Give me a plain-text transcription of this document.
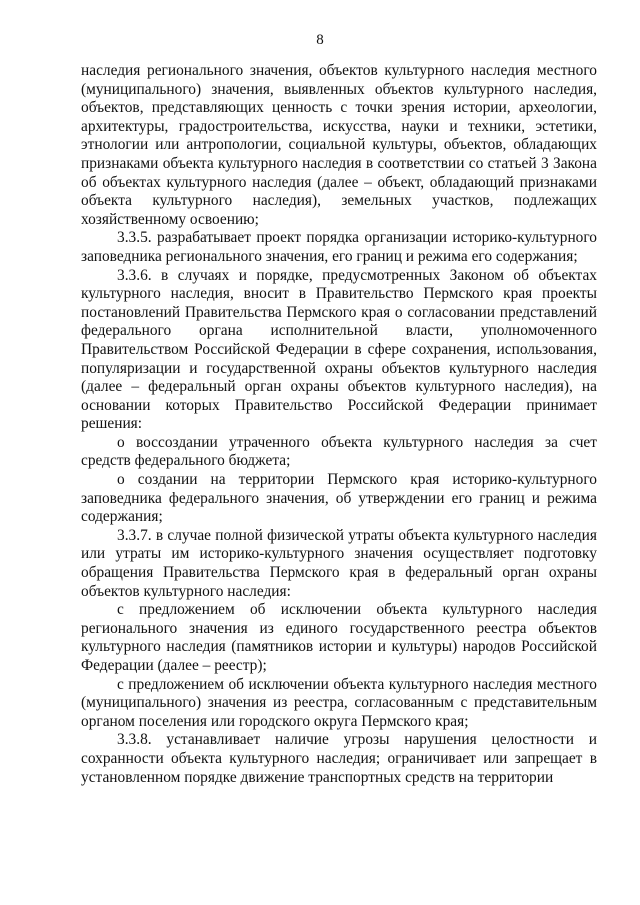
8

наследия регионального значения, объектов культурного наследия местного (муниципального) значения, выявленных объектов культурного наследия, объектов, представляющих ценность с точки зрения истории, археологии, архитектуры, градостроительства, искусства, науки и техники, эстетики, этнологии или антропологии, социальной культуры, объектов, обладающих признаками объекта культурного наследия в соответствии со статьей 3 Закона об объектах культурного наследия (далее – объект, обладающий признаками объекта культурного наследия), земельных участков, подлежащих хозяйственному освоению;

3.3.5. разрабатывает проект порядка организации историко-культурного заповедника регионального значения, его границ и режима его содержания;

3.3.6. в случаях и порядке, предусмотренных Законом об объектах культурного наследия, вносит в Правительство Пермского края проекты постановлений Правительства Пермского края о согласовании представлений федерального органа исполнительной власти, уполномоченного Правительством Российской Федерации в сфере сохранения, использования, популяризации и государственной охраны объектов культурного наследия (далее – федеральный орган охраны объектов культурного наследия), на основании которых Правительство Российской Федерации принимает решения:

о воссоздании утраченного объекта культурного наследия за счет средств федерального бюджета;

о создании на территории Пермского края историко-культурного заповедника федерального значения, об утверждении его границ и режима содержания;

3.3.7. в случае полной физической утраты объекта культурного наследия или утраты им историко-культурного значения осуществляет подготовку обращения Правительства Пермского края в федеральный орган охраны объектов культурного наследия:

с предложением об исключении объекта культурного наследия регионального значения из единого государственного реестра объектов культурного наследия (памятников истории и культуры) народов Российской Федерации (далее – реестр);

с предложением об исключении объекта культурного наследия местного (муниципального) значения из реестра, согласованным с представительным органом поселения или городского округа Пермского края;

3.3.8. устанавливает наличие угрозы нарушения целостности и сохранности объекта культурного наследия; ограничивает или запрещает в установленном порядке движение транспортных средств на территории
